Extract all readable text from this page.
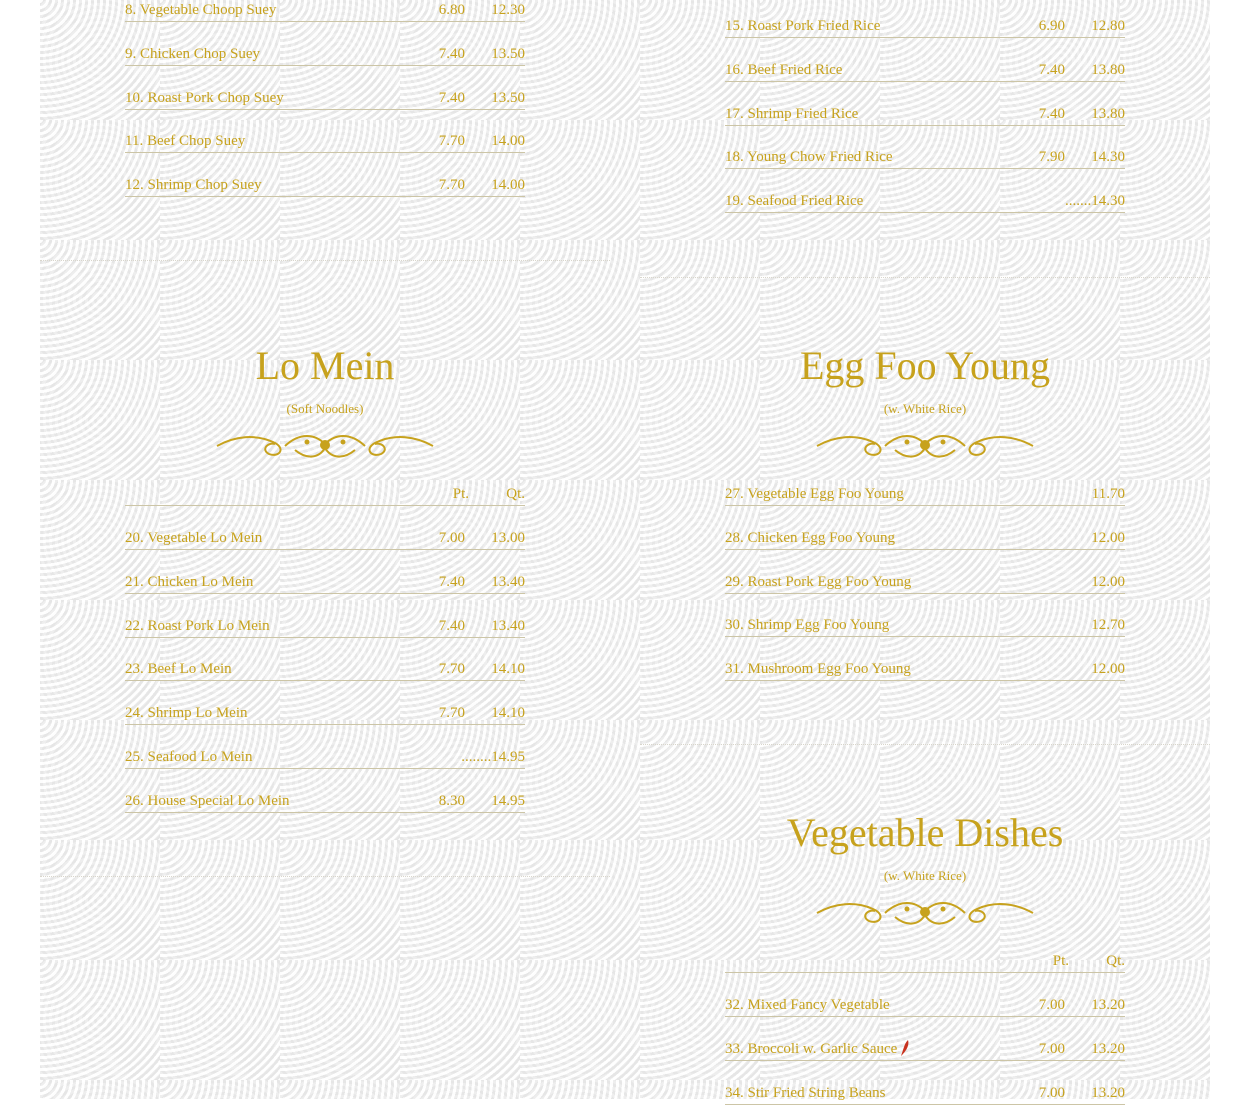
8. Vegetable Choop Suey	6.80 12.30
9. Chicken Chop Suey	7.40 13.50
10. Roast Pork Chop Suey	7.40 13.50
11. Beef Chop Suey	7.70 14.00
12. Shrimp Chop Suey	7.70 14.00
Lo Mein
(Soft Noodles)
Pt. Qt.
20. Vegetable Lo Mein	7.00 13.00
21. Chicken Lo Mein	7.40 13.40
22. Roast Pork Lo Mein	7.40 13.40
23. Beef Lo Mein	7.70 14.10
24. Shrimp Lo Mein	7.70 14.10
25. Seafood Lo Mein	........14.95
26. House Special Lo Mein	8.30 14.95
15. Roast Pork Fried Rice	6.90 12.80
16. Beef Fried Rice	7.40 13.80
17. Shrimp Fried Rice	7.40 13.80
18. Young Chow Fried Rice	7.90 14.30
19. Seafood Fried Rice	.......14.30
Egg Foo Young
(w. White Rice)
27. Vegetable Egg Foo Young	11.70
28. Chicken Egg Foo Young	12.00
29. Roast Pork Egg Foo Young	12.00
30. Shrimp Egg Foo Young	12.70
31. Mushroom Egg Foo Young	12.00
Vegetable Dishes
(w. White Rice)
Pt. Qt.
32. Mixed Fancy Vegetable	7.00 13.20
33. Broccoli w. Garlic Sauce	7.00 13.20
34. Stir Fried String Beans	7.00 13.20
